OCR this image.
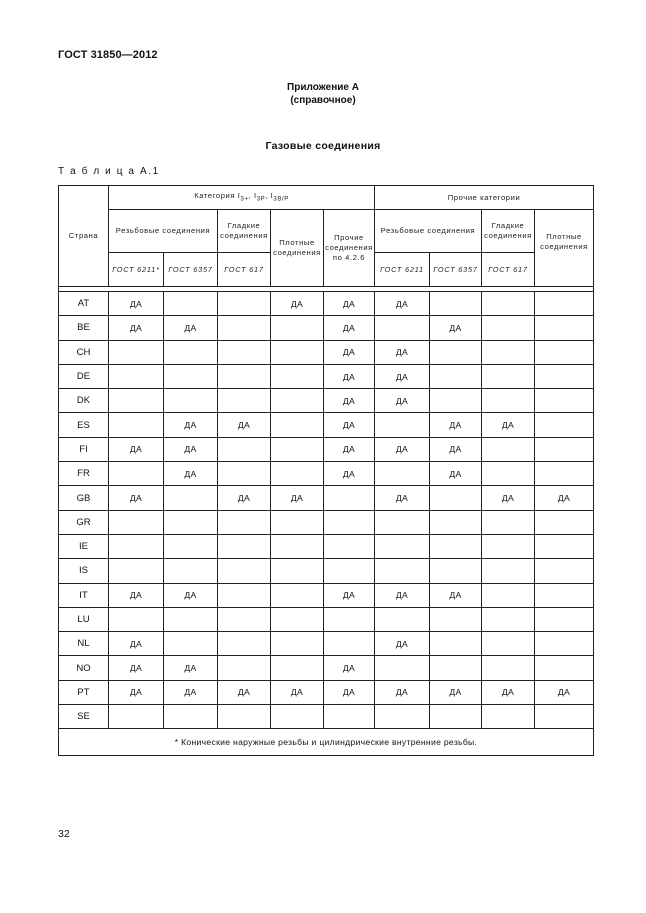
ГОСТ 31850—2012
Приложение А
(справочное)
Газовые соединения
Т а б л и ц а А.1
Страна	Категория $I_{3+}$, $I_{3P}$, $I_{3B/P}$					Прочие категории			
	Резьбовые соединения		Гладкие соединения	Плотные соединения	Прочие соединения по 4.2.6	Резьбовые соединения		Гладкие соединения	Плотные соединения

	ГОСТ 6211*	ГОСТ 6357	ГОСТ 617			ГОСТ 6211	ГОСТ 6357	ГОСТ 617	

AT	ДА			ДА	ДА	ДА			
BE	ДА	ДА			ДА		ДА		
CH					ДА	ДА			
DE					ДА	ДА			
DK					ДА	ДА			
ES		ДА	ДА		ДА		ДА	ДА	
FI	ДА	ДА			ДА	ДА	ДА		
FR		ДА			ДА		ДА		
GB	ДА		ДА	ДА		ДА		ДА	ДА
GR									
IE									
IS									
IT	ДА	ДА			ДА	ДА	ДА		
LU									
NL	ДА					ДА			
NO	ДА	ДА			ДА				
PT	ДА	ДА	ДА	ДА	ДА	ДА	ДА	ДА	ДА
SE									
* Конические наружные резьбы и цилиндрические внутренние резьбы.									
32
